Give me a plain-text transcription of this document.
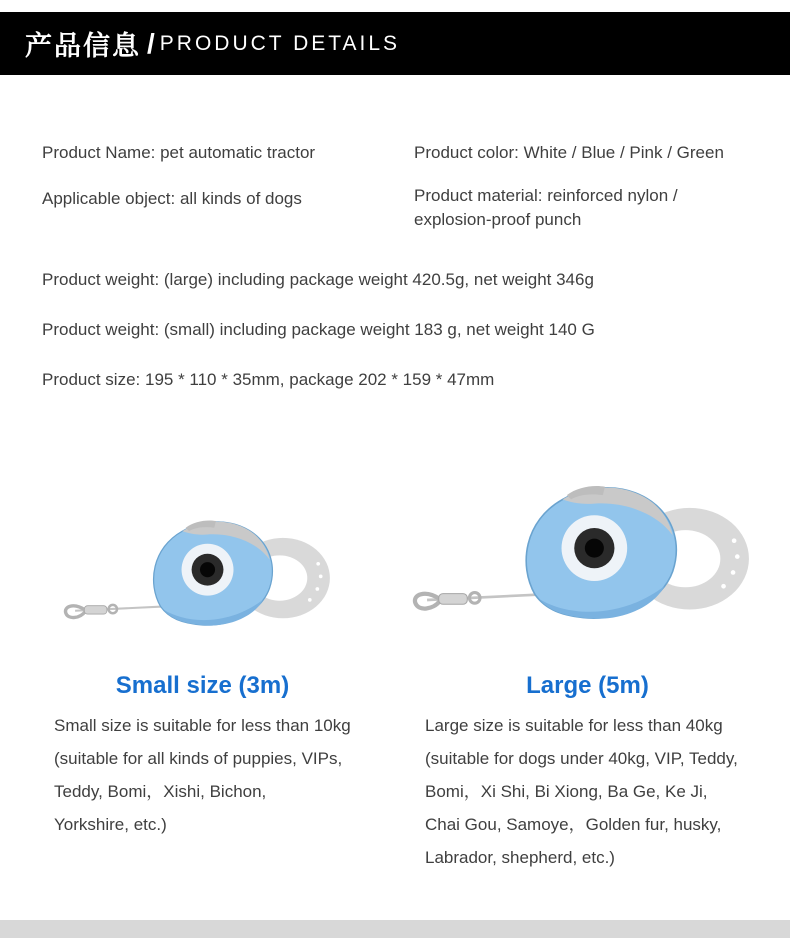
产品信息 / PRODUCT DETAILS

Product Name: pet automatic tractor	Product color: White / Blue / Pink / Green

Applicable object: all kinds of dogs	Product material: reinforced nylon / explosion-proof punch

Product weight: (large) including package weight 420.5g, net weight 346g

Product weight: (small) including package weight 183 g, net weight 140 G

Product size: 195 * 110 * 35mm, package 202 * 159 * 47mm

Small size (3m)
Small size is suitable for less than 10kg
(suitable for all kinds of puppies, VIPs,
Teddy, Bomi，Xishi, Bichon,
Yorkshire, etc.)
Large (5m)
Large size is suitable for less than 40kg
(suitable for dogs under 40kg, VIP, Teddy,
Bomi，Xi Shi, Bi Xiong, Ba Ge, Ke Ji,
Chai Gou, Samoye，Golden fur, husky,
Labrador, shepherd, etc.)
